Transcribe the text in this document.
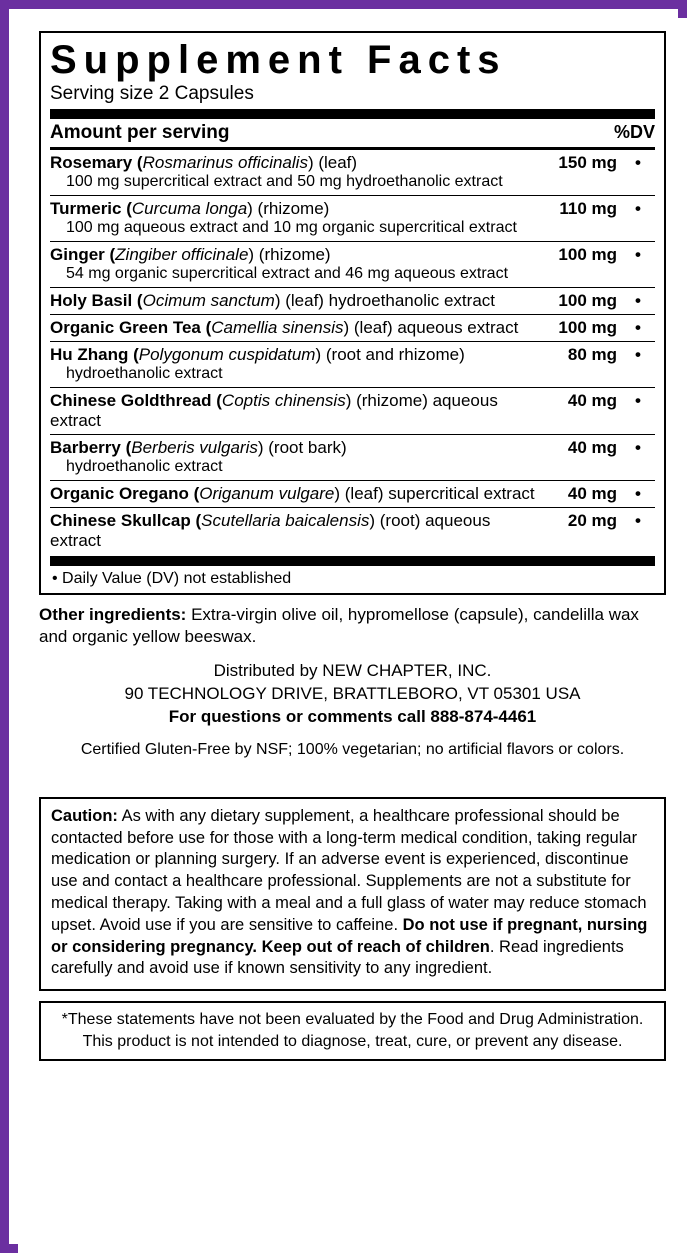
Supplement Facts
Serving size 2 Capsules
Amount per serving	%DV
Rosemary (Rosmarinus officinalis) (leaf)
100 mg supercritical extract and 50 mg hydroethanolic extract	150 mg	•
Turmeric (Curcuma longa) (rhizome)
100 mg aqueous extract and 10 mg organic supercritical extract	110 mg	•
Ginger (Zingiber officinale) (rhizome)
54 mg organic supercritical extract and 46 mg aqueous extract	100 mg	•
Holy Basil (Ocimum sanctum) (leaf) hydroethanolic extract	100 mg	•
Organic Green Tea (Camellia sinensis) (leaf) aqueous extract	100 mg	•
Hu Zhang (Polygonum cuspidatum) (root and rhizome)
hydroethanolic extract	80 mg	•
Chinese Goldthread (Coptis chinensis) (rhizome) aqueous extract	40 mg	•
Barberry (Berberis vulgaris) (root bark)
hydroethanolic extract	40 mg	•
Organic Oregano (Origanum vulgare) (leaf) supercritical extract	40 mg	•
Chinese Skullcap (Scutellaria baicalensis) (root) aqueous extract	20 mg	•
• Daily Value (DV) not established
Other ingredients: Extra-virgin olive oil, hypromellose (capsule), candelilla wax and organic yellow beeswax.
Distributed by NEW CHAPTER, INC.
90 TECHNOLOGY DRIVE, BRATTLEBORO, VT 05301 USA
For questions or comments call 888-874-4461
Certified Gluten-Free by NSF; 100% vegetarian; no artificial flavors or colors.
Caution: As with any dietary supplement, a healthcare professional should be contacted before use for those with a long-term medical condition, taking regular medication or planning surgery. If an adverse event is experienced, discontinue use and contact a healthcare professional. Supplements are not a substitute for medical therapy. Taking with a meal and a full glass of water may reduce stomach upset. Avoid use if you are sensitive to caffeine. Do not use if pregnant, nursing or considering pregnancy. Keep out of reach of children. Read ingredients carefully and avoid use if known sensitivity to any ingredient.
*These statements have not been evaluated by the Food and Drug Administration.
This product is not intended to diagnose, treat, cure, or prevent any disease.
